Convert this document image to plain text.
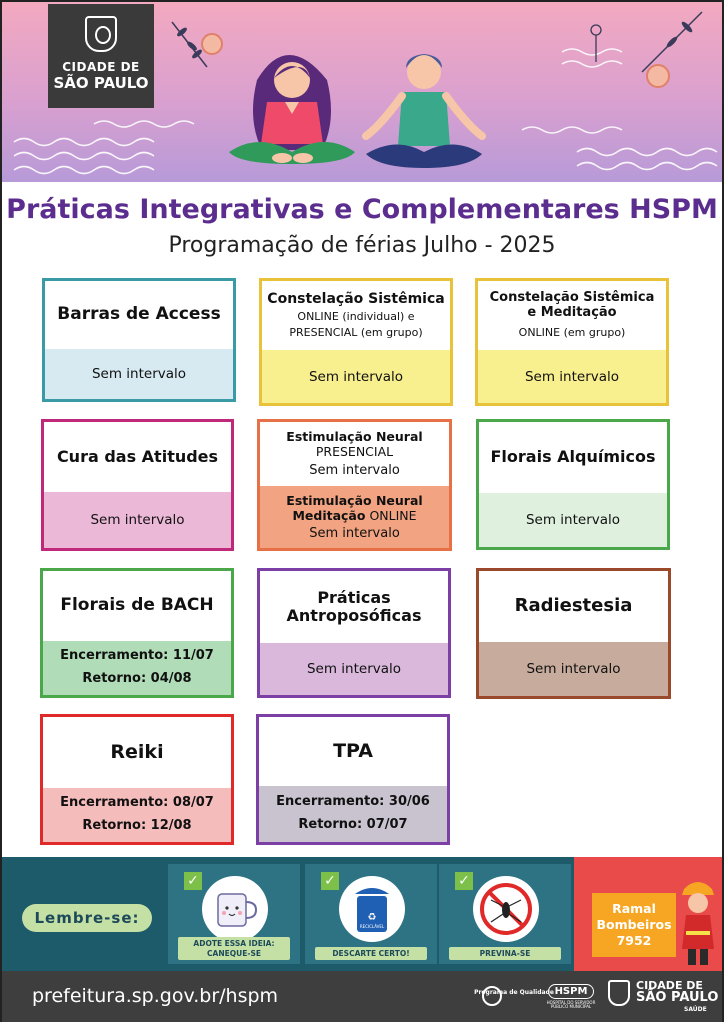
CIDADE DE
SÃO PAULO
Práticas Integrativas e Complementares HSPM
Programação de férias Julho - 2025
Barras de Access
Sem intervalo
Constelação Sistêmica
ONLINE (individual) e PRESENCIAL (em grupo)
Sem intervalo
Constelação Sistêmica e Meditação
ONLINE (em grupo)
Sem intervalo
Cura das Atitudes
Sem intervalo
Estimulação Neural
PRESENCIAL
Sem intervalo
Estimulação Neural Meditação ONLINE
Sem intervalo
Florais Alquímicos
Sem intervalo
Florais de BACH
Encerramento: 11/07
Retorno: 04/08
Práticas Antroposóficas
Sem intervalo
Radiestesia
Sem intervalo
Reiki
Encerramento: 08/07
Retorno: 12/08
TPA
Encerramento: 30/06
Retorno: 07/07
Lembre-se:
✓
ADOTE ESSA IDEIA: CANEQUE-SE
✓
♻
RECICLÁVEL
DESCARTE CERTO!
✓
PREVINA-SE
Ramal
Bombeiros
7952
prefeitura.sp.gov.br/hspm	Programa de Qualidade HSPM
HOSPITAL DO SERVIDOR PÚBLICO MUNICIPAL
CIDADE DE
SÃO PAULO
SAÚDE
